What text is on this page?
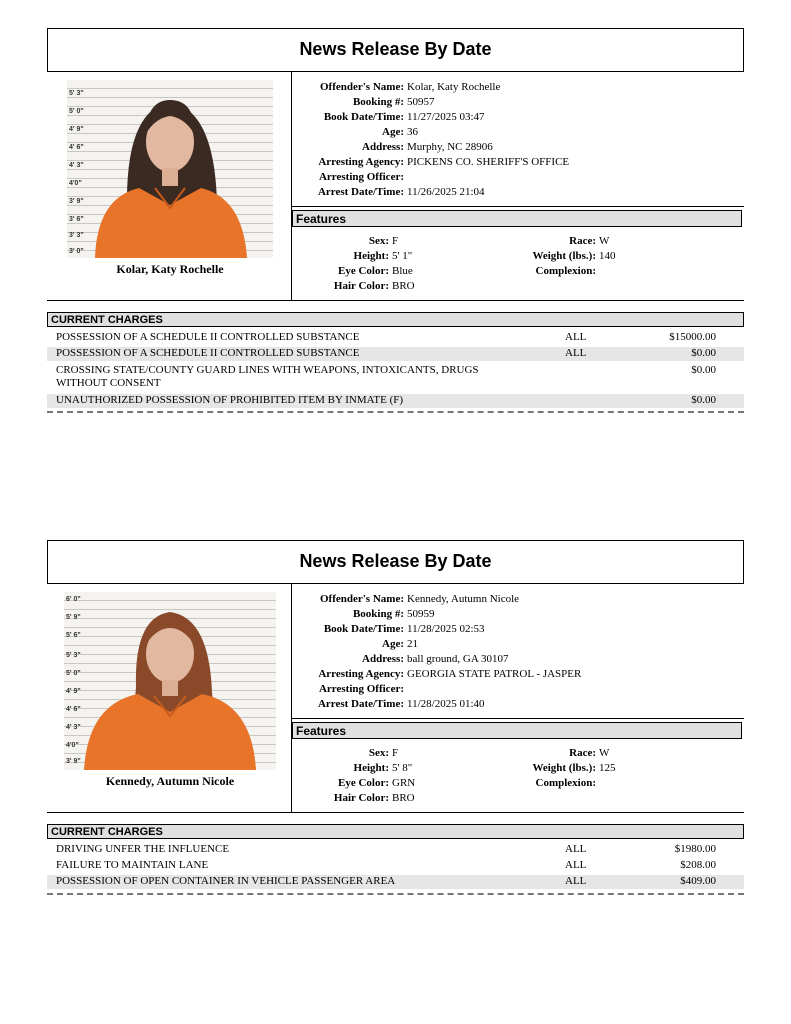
News Release By Date
5' 3"
5' 0"
4' 9"
4' 6"
4' 3"
4'0"
3' 9"
3' 6"
3' 3"
3' 0"
Kolar, Katy Rochelle
Offender's Name: Kolar, Katy Rochelle
Booking #: 50957
Book Date/Time: 11/27/2025 03:47
Age: 36
Address: Murphy, NC 28906
Arresting Agency: PICKENS CO. SHERIFF'S OFFICE
Arresting Officer:
Arrest Date/Time: 11/26/2025 21:04
Features
Sex: F
Height: 5' 1"
Eye Color: Blue
Hair Color: BRO
Race: W
Weight (lbs.): 140
Complexion:
CURRENT CHARGES
POSSESSION OF A SCHEDULE II CONTROLLED SUBSTANCE	ALL	$15000.00
POSSESSION OF A SCHEDULE II CONTROLLED SUBSTANCE	ALL	$0.00
CROSSING STATE/COUNTY GUARD LINES WITH WEAPONS, INTOXICANTS, DRUGS WITHOUT CONSENT
$0.00
UNAUTHORIZED POSSESSION OF PROHIBITED ITEM BY INMATE (F)	$0.00
News Release By Date
6' 0"
5' 9"
5' 6"
5' 3"
5' 0"
4' 9"
4' 6"
4' 3"
4'0"
3' 9"
Kennedy, Autumn Nicole
Offender's Name: Kennedy, Autumn Nicole
Booking #: 50959
Book Date/Time: 11/28/2025 02:53
Age: 21
Address: ball ground, GA 30107
Arresting Agency: GEORGIA STATE PATROL - JASPER
Arresting Officer:
Arrest Date/Time: 11/28/2025 01:40
Features
Sex: F
Height: 5' 8"
Eye Color: GRN
Hair Color: BRO
Race: W
Weight (lbs.): 125
Complexion:
CURRENT CHARGES
DRIVING UNFER THE INFLUENCE	ALL	$1980.00
FAILURE TO MAINTAIN LANE	ALL	$208.00
POSSESSION OF OPEN CONTAINER IN VEHICLE PASSENGER AREA	ALL	$409.00
